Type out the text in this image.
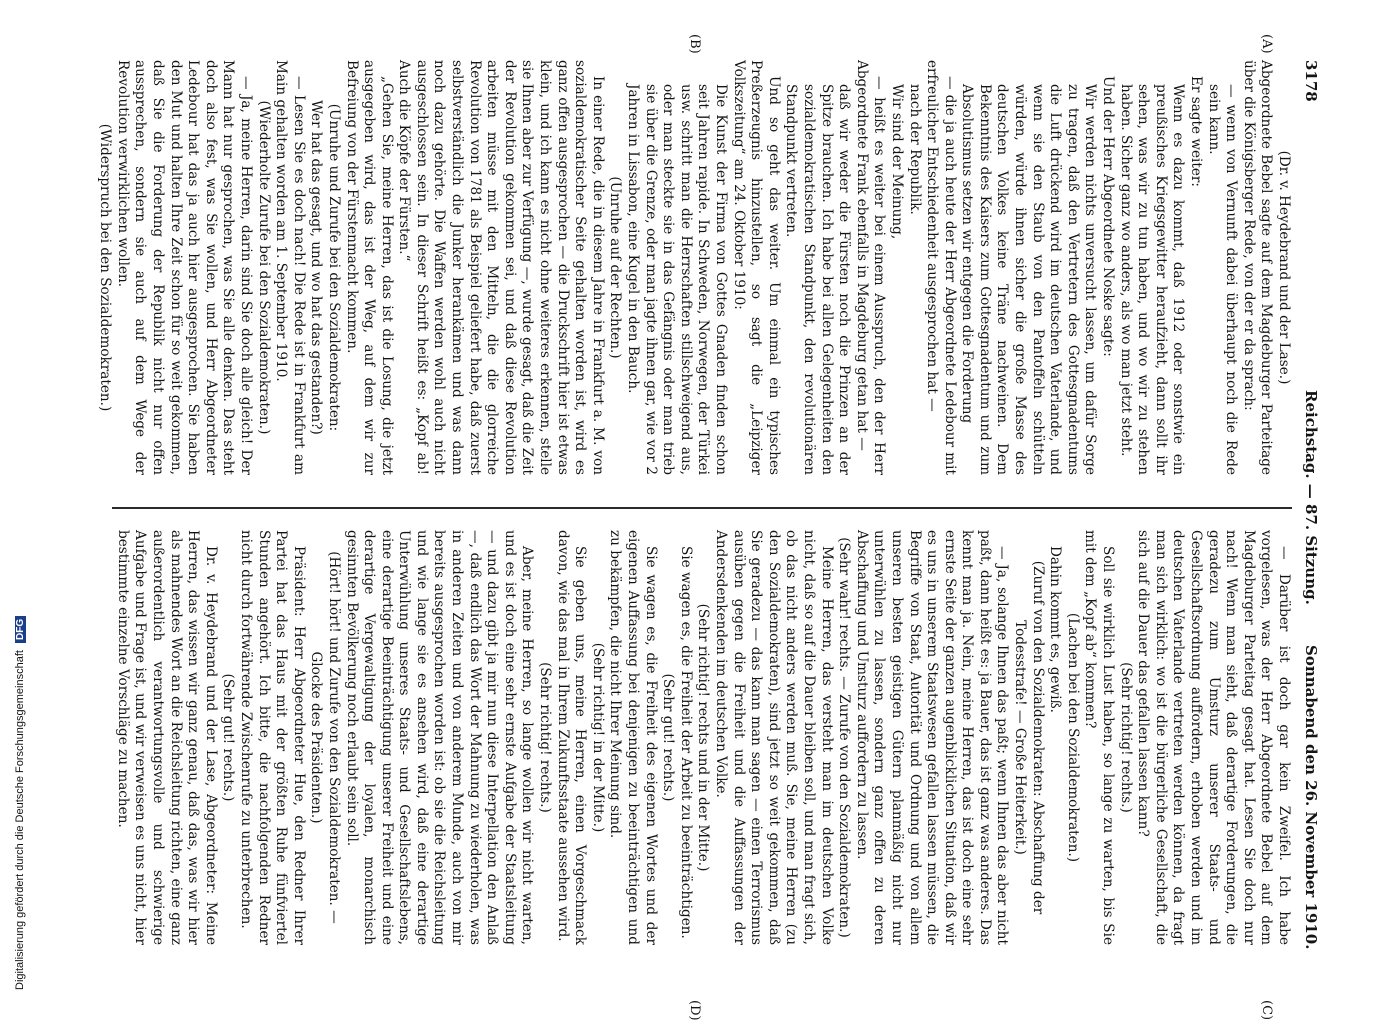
3178
Reichstag. — 87. Sitzung.
Sonnabend den 26. November 1910.
(A)
(B)
(C)
(D)

(Dr. v. Heydebrand und der Lase.)

Abgeordnete Bebel sagte auf dem Magdeburger Parteitage über die Königsberger Rede, von der er da sprach:

— wenn von Vernunft dabei überhaupt noch die Rede sein kann.

Er sagte weiter:

Wenn es dazu kommt, daß 1912 oder sonstwie ein preußisches Kriegsgewitter heraufzieht, dann sollt ihr sehen, was wir zu tun haben, und wo wir zu stehen haben. Sicher ganz wo anders, als wo man jetzt steht.

Und der Herr Abgeordnete Noske sagte:

Wir werden nichts unversucht lassen, um dafür Sorge zu tragen, daß den Vertretern des Gottesgnadentums die Luft drückend wird im deutschen Vaterlande, und wenn sie den Staub von den Pantoffeln schütteln würden, würde ihnen sicher die große Masse des deutschen Volkes keine Träne nachweinen. Dem Bekenntnis des Kaisers zum Gottesgnadentum und zum Absolutismus setzen wir entgegen die Forderung

— die ja auch heute der Herr Abgeordnete Ledebour mit erfreulicher Entschiedenheit ausgesprochen hat —

nach der Republik.

Wir sind der Meinung,

— heißt es weiter bei einem Ausspruch, den der Herr Abgeordnete Frank ebenfalls in Magdeburg getan hat —

daß wir weder die Fürsten noch die Prinzen an der Spitze brauchen. Ich habe bei allen Gelegenheiten den sozialdemokratischen Standpunkt, den revolutionären Standpunkt vertreten.

Und so geht das weiter. Um einmal ein typisches Preßerzeugnis hinzustellen, so sagt die „Leipziger Volkszeitung“ am 24. Oktober 1910:

Die Kunst der Firma von Gottes Gnaden finden schon seit Jahren rapide. In Schweden, Norwegen, der Türkei usw. schritt man die Herrschaften stillschweigend aus, oder man steckte sie in das Gefängnis oder man trieb sie über die Grenze, oder man jagte ihnen gar, wie vor 2 Jahren in Lissabon, eine Kugel in den Bauch.

(Unruhe auf der Rechten.)

In einer Rede, die in diesem Jahre in Frankfurt a. M. von sozialdemokratischer Seite gehalten worden ist, wird es ganz offen ausgesprochen — die Druckschrift hier ist etwas klein, und ich kann es nicht ohne weiteres erkennen, stelle sie Ihnen aber zur Verfügung —, wurde gesagt, daß die Zeit der Revolution gekommen sei, und daß diese Revolution arbeiten müsse mit den Mitteln, die die glorreiche Revolution von 1781 als Beispiel geliefert habe, daß zuerst selbstverständlich die Junker herankämen und was dann noch dazu gehörte. Die Waffen werden wohl auch nicht ausgeschlossen sein. In dieser Schrift heißt es: „Kopf ab! Auch die Köpfe der Fürsten.“

„Gehen Sie, meine Herren, das ist die Losung, die jetzt ausgegeben wird, das ist der Weg, auf dem wir zur Befreiung von der Fürstenmacht kommen.

(Unruhe und Zurufe bei den Sozialdemokraten:

Wer hat das gesagt, und wo hat das gestanden?)

— Lesen Sie es doch nach! Die Rede ist in Frankfurt am Main gehalten worden am 1. September 1910.

(Wiederholte Zurufe bei den Sozialdemokraten.)

— Ja, meine Herren, darin sind Sie doch alle gleich! Der Mann hat nur gesprochen, was Sie alle denken. Das steht doch also fest, was Sie wollen, und Herr Abgeordneter Ledebour hat das ja auch hier ausgesprochen. Sie haben den Mut und halten Ihre Zeit schon für so weit gekommen, daß Sie die Forderung der Republik nicht nur offen aussprechen, sondern sie auch auf dem Wege der Revolution verwirklichen wollen.

(Widerspruch bei den Sozialdemokraten.)

— Darüber ist doch gar kein Zweifel. Ich habe vorgelesen, was der Herr Abgeordnete Bebel auf dem Magdeburger Parteitag gesagt hat. Lesen Sie doch nur nach! Wenn man sieht, daß derartige Forderungen, die geradezu zum Umsturz unserer Staats- und Gesellschaftsordnung auffordern, erhoben werden und im deutschen Vaterlande vertreten werden können, da fragt man sich wirklich: wo ist die bürgerliche Gesellschaft, die sich auf die Dauer das gefallen lassen kann?

(Sehr richtig! rechts.)

Soll sie wirklich Lust haben, so lange zu warten, bis Sie mit dem „Kopf ab“ kommen?

(Lachen bei den Sozialdemokraten.)

Dahin kommt es, gewiß.

(Zuruf von den Sozialdemokraten: Abschaffung der Todesstrafe! — Große Heiterkeit.)

— Ja, solange Ihnen das paßt; wenn Ihnen das aber nicht paßt, dann heißt es: ja Bauer, das ist ganz was anderes. Das kennt man ja. Nein, meine Herren, das ist doch eine sehr ernste Seite der ganzen augenblicklichen Situation, daß wir es uns in unserem Staatswesen gefallen lassen müssen, die Begriffe von Staat, Autorität und Ordnung und von allem unseren besten geistigen Gütern planmäßig nicht nur unterwühlen zu lassen, sondern ganz offen zu deren Abschaffung und Umsturz auffordern zu lassen.

(Sehr wahr! rechts. — Zurufe von den Sozialdemokraten.)

Meine Herren, das versteht man im deutschen Volke nicht, daß so auf die Dauer bleiben soll, und man fragt sich, ob das nicht anders werden muß. Sie, meine Herren (zu den Sozialdemokraten), sind jetzt so weit gekommen, daß Sie geradezu — das kann man sagen — einen Terrorismus ausüben gegen die Freiheit und die Auffassungen der Andersdenkenden im deutschen Volke.

(Sehr richtig! rechts und in der Mitte.)

Sie wagen es, die Freiheit der Arbeit zu beeinträchtigen.

(Sehr gut! rechts.)

Sie wagen es, die Freiheit des eigenen Wortes und der eigenen Auffassung bei denjenigen zu beeinträchtigen und zu bekämpfen, die nicht Ihrer Meinung sind.

(Sehr richtig! in der Mitte.)

Sie geben uns, meine Herren, einen Vorgeschmack davon, wie das mal in Ihrem Zukunftsstaate aussehen wird.

(Sehr richtig! rechts.)

Aber, meine Herren, so lange wollen wir nicht warten, und es ist doch eine sehr ernste Aufgabe der Staatsleitung — und dazu gibt ja mir nun diese Interpellation den Anlaß —, daß endlich das Wort der Mahnung zu wiederholen, was in anderen Zeiten und von anderem Munde, auch von mir bereits ausgesprochen worden ist: ob sie die Reichsleitung und wie lange sie es ansehen wird, daß eine derartige Unterwühlung unseres Staats- und Gesellschaftslebens, eine derartige Beeinträchtigung unserer Freiheit und eine derartige Vergewaltigung der loyalen, monarchisch gesinnten Bevölkerung noch erlaubt sein soll.

(Hört! hört! und Zurufe von den Sozialdemokraten. — Glocke des Präsidenten.)

Präsident: Herr Abgeordneter Hue, den Redner Ihrer Partei hat das Haus mit der größten Ruhe fünfviertel Stunden angehört. Ich bitte, die nachfolgenden Redner nicht durch fortwährende Zwischenrufe zu unterbrechen.

(Sehr gut! rechts.)

Dr. v. Heydebrand und der Lase, Abgeordneter: Meine Herren, das wissen wir ganz genau, daß das, was wir hier als mahnendes Wort an die Reichsleitung richten, eine ganz außerordentlich verantwortungsvolle und schwierige Aufgabe und Frage ist, und wir verweisen es uns nicht, hier bestimmte einzelne Vorschläge zu machen.

Digitalisierung gefördert durch die Deutsche Forschungsgemeinschaft DFG
